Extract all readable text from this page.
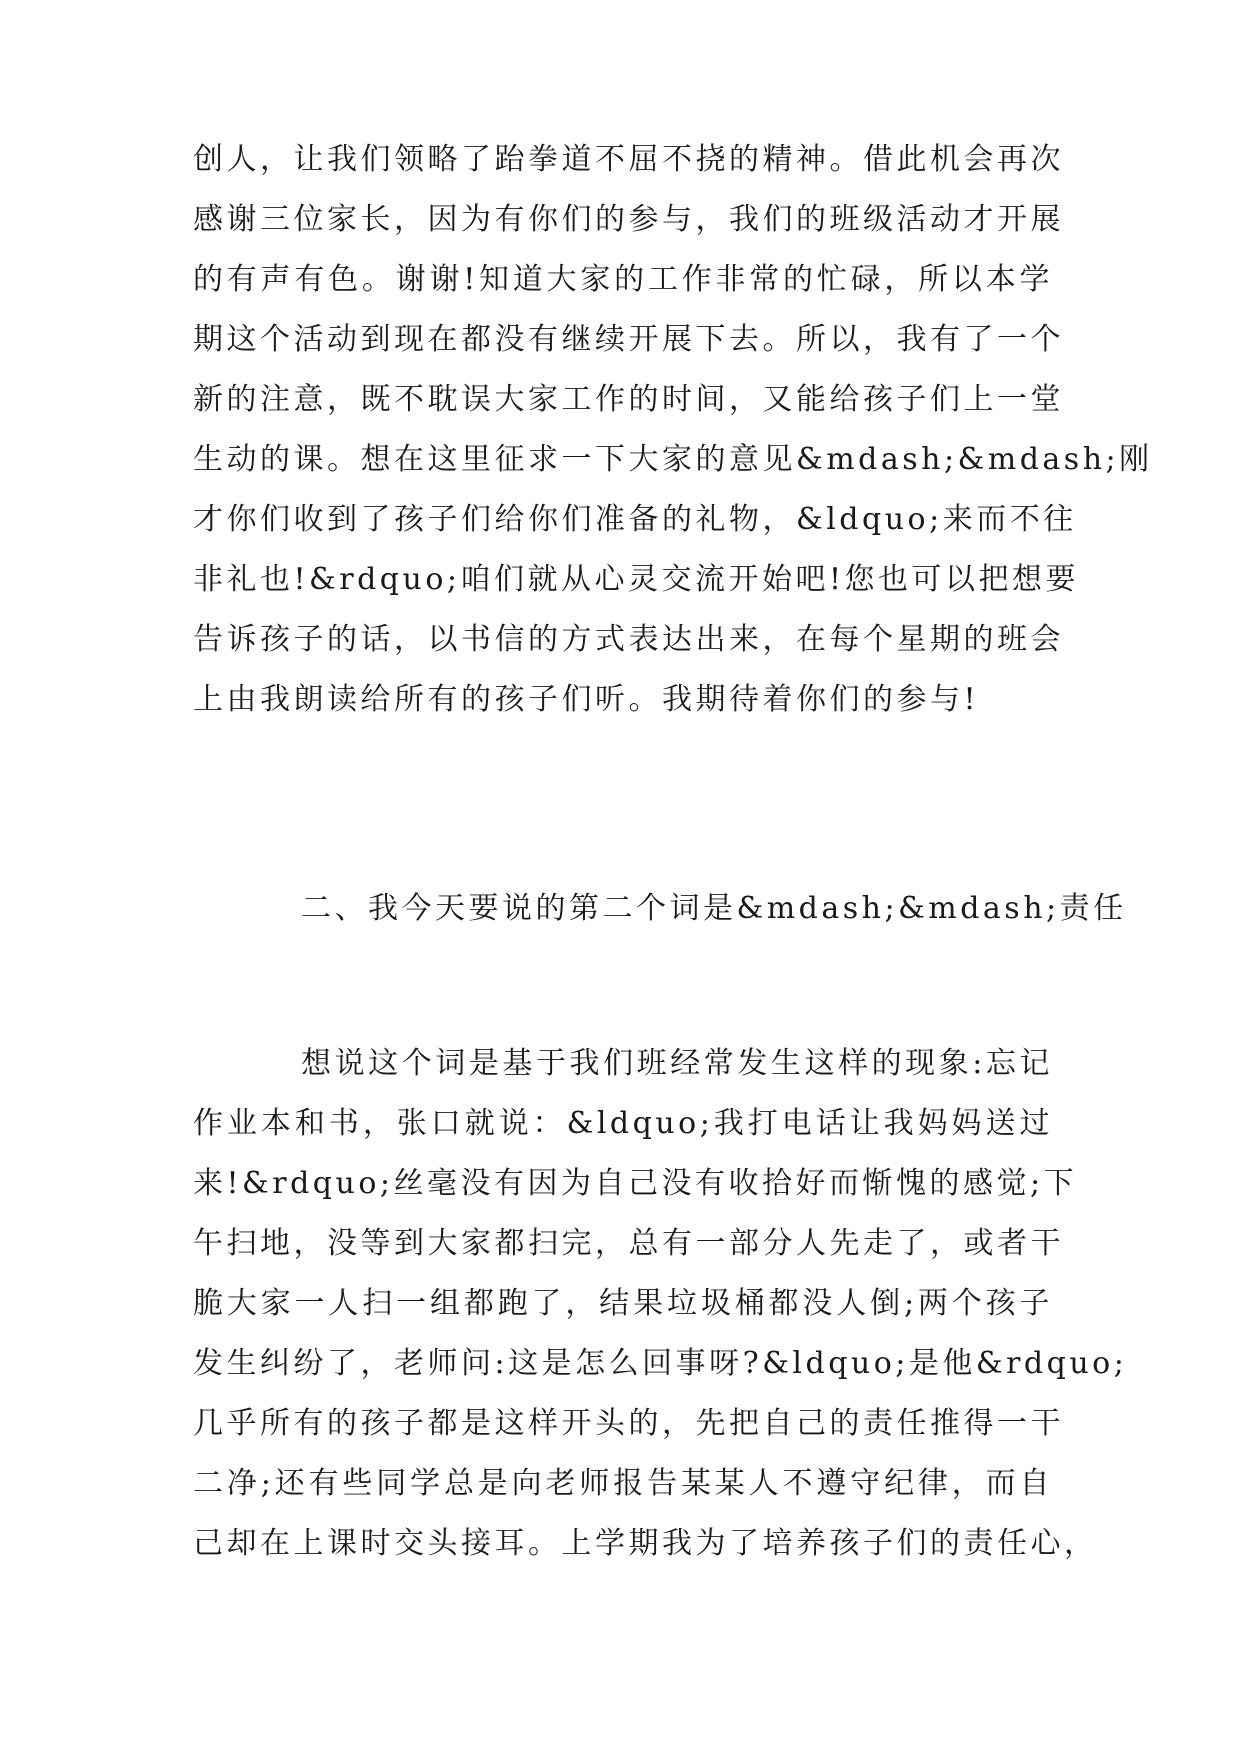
创人，让我们领略了跆拳道不屈不挠的精神。借此机会再次
感谢三位家长，因为有你们的参与，我们的班级活动才开展
的有声有色。谢谢!知道大家的工作非常的忙碌，所以本学
期这个活动到现在都没有继续开展下去。所以，我有了一个
新的注意，既不耽误大家工作的时间，又能给孩子们上一堂
生动的课。想在这里征求一下大家的意见&mdash;&mdash;刚
才你们收到了孩子们给你们准备的礼物，&ldquo;来而不往
非礼也!&rdquo;咱们就从心灵交流开始吧!您也可以把想要
告诉孩子的话，以书信的方式表达出来，在每个星期的班会
上由我朗读给所有的孩子们听。我期待着你们的参与!
二、我今天要说的第二个词是&mdash;&mdash;责任
想说这个词是基于我们班经常发生这样的现象:忘记
作业本和书，张口就说：&ldquo;我打电话让我妈妈送过
来!&rdquo;丝毫没有因为自己没有收拾好而惭愧的感觉;下
午扫地，没等到大家都扫完，总有一部分人先走了，或者干
脆大家一人扫一组都跑了，结果垃圾桶都没人倒;两个孩子
发生纠纷了，老师问:这是怎么回事呀?&ldquo;是他&rdquo;
几乎所有的孩子都是这样开头的，先把自己的责任推得一干
二净;还有些同学总是向老师报告某某人不遵守纪律，而自
己却在上课时交头接耳。上学期我为了培养孩子们的责任心，
